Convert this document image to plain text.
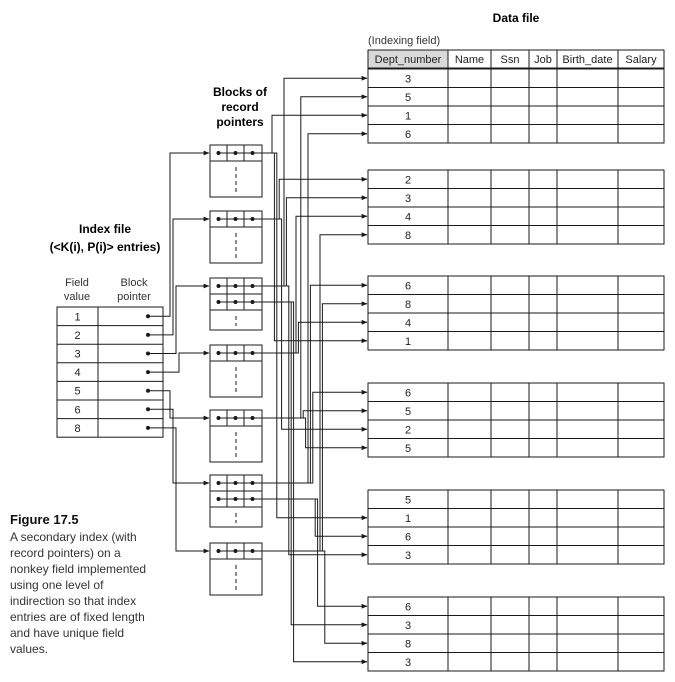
Dept_number Name Ssn Job Birth_date Salary
3
5
1
6
2
3
4
8
6
8
4
1
6
5
2
5
5
1
6
3
6
3
8
3
1
2
3
4
5
6
8
Data file
(Indexing field)
Blocks of
record
pointers
Index file
(<K(i), P(i)> entries)
Field
value
Block
pointer
Figure 17.5
A secondary index (with record pointers) on a nonkey field implemented using one level of indirection so that index entries are of fixed length and have unique field values.
